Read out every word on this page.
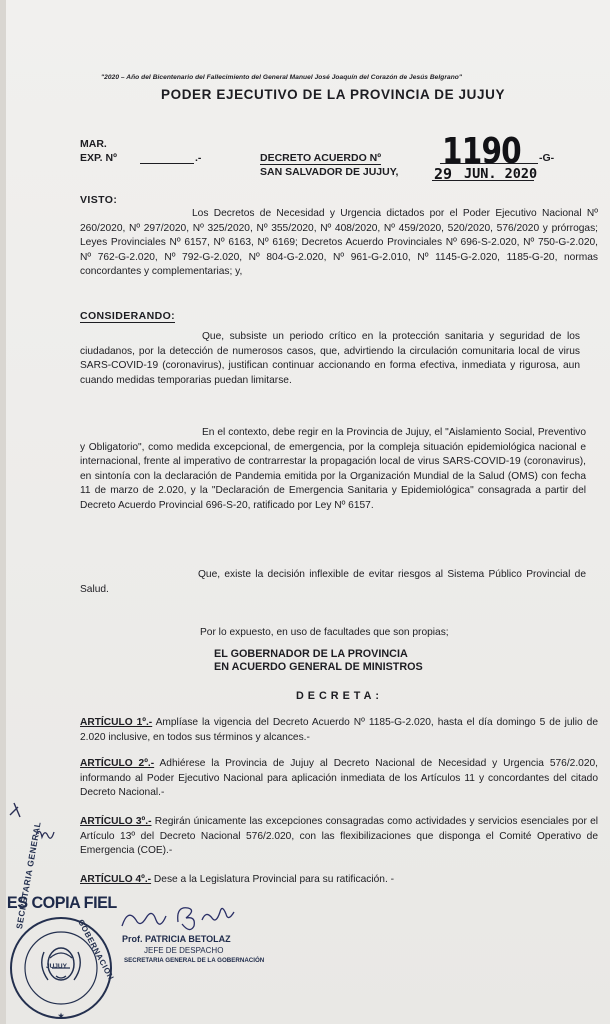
"2020 – Año del Bicentenario del Fallecimiento del General Manuel José Joaquín del Corazón de Jesús Belgrano"
PODER EJECUTIVO DE LA PROVINCIA DE JUJUY
MAR.
EXP. Nº	.-	DECRETO ACUERDO Nº 1190 -G-
SAN SALVADOR DE JUJUY, 29 JUN. 2020
VISTO:
Los Decretos de Necesidad y Urgencia dictados por el Poder Ejecutivo Nacional Nº 260/2020, Nº 297/2020, Nº 325/2020, Nº 355/2020, Nº 408/2020, Nº 459/2020, 520/2020, 576/2020 y prórrogas; Leyes Provinciales Nº 6157, Nº 6163, Nº 6169; Decretos Acuerdo Provinciales Nº 696-S-2.020, Nº 750-G-2.020, Nº 762-G-2.020, Nº 792-G-2.020, Nº 804-G-2.020, Nº 961-G-2.010, Nº 1145-G-2.020, 1185-G-20, normas concordantes y complementarias; y,
CONSIDERANDO:
Que, subsiste un periodo crítico en la protección sanitaria y seguridad de los ciudadanos, por la detección de numerosos casos, que, advirtiendo la circulación comunitaria local de virus SARS-COVID-19 (coronavirus), justifican continuar accionando en forma efectiva, inmediata y rigurosa, aun cuando medidas temporarias puedan limitarse.
En el contexto, debe regir en la Provincia de Jujuy, el "Aislamiento Social, Preventivo y Obligatorio", como medida excepcional, de emergencia, por la compleja situación epidemiológica nacional e internacional, frente al imperativo de contrarrestar la propagación local de virus SARS-COVID-19 (coronavirus), en sintonía con la declaración de Pandemia emitida por la Organización Mundial de la Salud (OMS) con fecha 11 de marzo de 2.020, y la "Declaración de Emergencia Sanitaria y Epidemiológica" consagrada a partir del Decreto Acuerdo Provincial 696-S-20, ratificado por Ley Nº 6157.
Que, existe la decisión inflexible de evitar riesgos al Sistema Público Provincial de Salud.
Por lo expuesto, en uso de facultades que son propias;
EL GOBERNADOR DE LA PROVINCIA
EN ACUERDO GENERAL DE MINISTROS
DECRETA:
ARTÍCULO 1º.- Amplíase la vigencia del Decreto Acuerdo Nº 1185-G-2.020, hasta el día domingo 5 de julio de 2.020 inclusive, en todos sus términos y alcances.-
ARTÍCULO 2º.- Adhiérese la Provincia de Jujuy al Decreto Nacional de Necesidad y Urgencia 576/2.020, informando al Poder Ejecutivo Nacional para aplicación inmediata de los Artículos 11 y concordantes del citado Decreto Nacional.-
ARTÍCULO 3º.- Regirán únicamente las excepciones consagradas como actividades y servicios esenciales por el Artículo 13º del Decreto Nacional 576/2.020, con las flexibilizaciones que disponga el Comité Operativo de Emergencia (COE).-
ARTÍCULO 4º.- Dese a la Legislatura Provincial para su ratificación. -
ES COPIA FIEL
★
SECRETARIA GENERAL
GOBERNACIÓN
JUJUY
Prof. PATRICIA BETOLAZ
JEFE DE DESPACHO
SECRETARIA GENERAL DE LA GOBERNACIÓN
